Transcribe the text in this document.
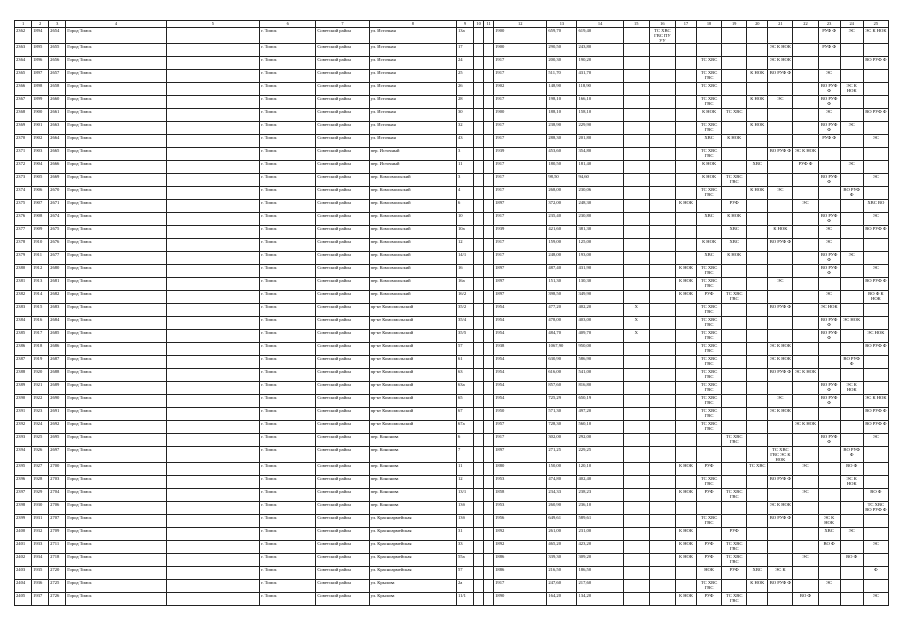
1	2	3	4	5	6	7	8	9	10	11	12	13	14	15	16	17	18	19	20	21	22	23	24	25
2362	1894	2654	Город Томск		г. Томск	Советский район	ул. Источная	13а			1900	659,70	619,40		ТС ХВС ГВС ПУ УУ							РУФ Ф	ЭС	ЭС К НОК
2363	1895	2655	Город Томск		г. Томск	Советский район	ул. Источная	17			1900	290,50	243,80							ЭС К НОК		РУФ Ф		
2364	1896	2656	Город Томск		г. Томск	Советский район	ул. Источная	24			1917	200,30	190,20				ТС ХВС			ЭС К НОК				ВО РУФ Ф
2365	1897	2657	Город Томск		г. Томск	Советский район	ул. Источная	25			1917	511,70	431,70				ТС ХВС ГВС		К НОК	ВО РУФ Ф		ЭС		
2366	1898	2658	Город Томск		г. Томск	Советский район	ул. Источная	26			1902	148,90	118,90				ТС ХВС					ВО РУФ Ф	ЭС К НОК	
2367	1899	2660	Город Томск		г. Томск	Советский район	ул. Источная	28			1917	198,10	166,10				ТС ХВС ГВС		К НОК	ЭС		ВО РУФ Ф		
2368	1900	2661	Город Томск		г. Томск	Советский район	ул. Источная	30			1900	188,10	158,10				К НОК	ТС ХВС				ЭС		ВО РУФ Ф
2369	1901	2663	Город Томск		г. Томск	Советский район	ул. Источная	32			1917	238,90	229,90				ТС ХВС ГВС		К НОК			ВО РУФ Ф	ЭС	
2370	1902	2664	Город Томск		г. Томск	Советский район	ул. Источная	43			1917	288,30	201,80				ХВС	К НОК				РУФ Ф		ЭС
2371	1903	2665	Город Томск		г. Томск	Советский район	пер. Источный	3			1939	453,60	354,80				ТС ХВС ГВС			ВО РУФ Ф	ЭС К НОК			
2372	1904	2666	Город Томск		г. Томск	Советский район	пер. Источный	11			1917	180,50	181,40				К НОК		ХВС		РУФ Ф		ЭС	
2373	1905	2669	Город Томск		г. Томск	Советский район	пер. Комсомольский	3			1917	98,50	94,60				К НОК	ТС ХВС ГВС				ВО РУФ Ф		ЭС
2374	1906	2670	Город Томск		г. Томск	Советский район	пер. Комсомольский	4			1917	268,00	230,06				ТС ХВС ГВС		К НОК	ЭС			ВО РУФ Ф	
2375	1907	2671	Город Томск		г. Томск	Советский район	пер. Комсомольский	6			1897	372,00	248,30			К НОК		РУФ			ЭС			ХВС ВО
2376	1908	2674	Город Томск		г. Томск	Советский район	пер. Комсомольский	10			1917	235,40	230,80				ХВС	К НОК				ВО РУФ Ф		ЭС
2377	1909	2675	Город Томск		г. Томск	Советский район	пер. Комсомольский	10а			1939	421,60	381,30					ХВС		К НОК		ЭС		ВО РУФ Ф
2378	1910	2676	Город Томск		г. Томск	Советский район	пер. Комсомольский	12			1917	159,00	125,00				К НОК	ХВС		ВО РУФ Ф		ЭС		
2379	1911	2677	Город Томск		г. Томск	Советский район	пер. Комсомольский	14/1			1917	248,00	193,00				ХВС	К НОК				ВО РУФ Ф	ЭС	
2380	1912	2680	Город Томск		г. Томск	Советский район	пер. Комсомольский	16			1897	487,40	431,90			К НОК	ТС ХВС ГВС					ВО РУФ Ф		ЭС
2381	1913	2681	Город Томск		г. Томск	Советский район	пер. Комсомольский	16а			1897	151,30	130,30			К НОК	ТС ХВС ГВС			ЭС				ВО РУФ Ф
2382	1914	2682	Город Томск		г. Томск	Советский район	пер. Комсомольский	16/2			1897	398,50	349,90			К НОК	РУФ	ТС ХВС ГВС				ЭС		ВО Ф К НОК
2383	1915	2683	Город Томск		г. Томск	Советский район	пр-кт Комсомольский	35/2			1954	477,20	402,20	X			ТС ХВС ГВС			ВО РУФ Ф		ЭС НОК		
2384	1916	2684	Город Томск		г. Томск	Советский район	пр-кт Комсомольский	35/4			1954	478,00	403,00	X			ТС ХВС ГВС					ВО РУФ Ф	ЭС НОК	
2385	1917	2685	Город Томск		г. Томск	Советский район	пр-кт Комсомольский	35/5			1954	484,70	409,70	X			ТС ХВС ГВС					ВО РУФ Ф		ЭС НОК
2386	1918	2686	Город Томск		г. Томск	Советский район	пр-кт Комсомольский	57			1938	1067,90	950,00				ТС ХВС ГВС			ЭС К НОК				ВО РУФ Ф
2387	1919	2687	Город Томск		г. Томск	Советский район	пр-кт Комсомольский	61			1954	630,90	586,90				ТС ХВС ГВС			ЭС К НОК			ВО РУФ Ф	
2388	1920	2688	Город Томск		г. Томск	Советский район	пр-кт Комсомольский	63			1954	616,00	541,00				ТС ХВС ГВС			ВО РУФ Ф	ЭС К НОК			
2389	1921	2689	Город Томск		г. Томск	Советский район	пр-кт Комсомольский	63а			1954	857,60	816,80				ТС ХВС ГВС					ВО РУФ Ф	ЭС К НОК	
2390	1922	2690	Город Томск		г. Томск	Советский район	пр-кт Комсомольский	65			1954	725,29	650,19				ТС ХВС ГВС			ЭС		ВО РУФ Ф		ЭС К НОК
2391	1923	2691	Город Томск		г. Томск	Советский район	пр-кт Комсомольский	67			1950	571,30	497,20				ТС ХВС ГВС			ЭС К НОК				ВО РУФ Ф
2392	1924	2692	Город Томск		г. Томск	Советский район	пр-кт Комсомольский	67а			1957	728,30	560,10				ТС ХВС ГВС				ЭС К НОК			ВО РУФ Ф
2393	1925	2695	Город Томск		г. Томск	Советский район	пер. Кононова	6			1917	302,00	292,00					ТС ХВС ГВС				ВО РУФ Ф		ЭС
2394	1926	2697	Город Томск		г. Томск	Советский район	пер. Кононова	7			1897	271,25	229,25							ТС ХВС ГВС ЭС К НОК			ВО РУФ Ф	
2395	1927	2700	Город Томск		г. Томск	Советский район	пер. Кононова	11			1880	150,00	120,10			К НОК	РУФ		ТС ХВС		ЭС		ВО Ф	
2396	1928	2703	Город Томск		г. Томск	Советский район	пер. Кононова	12			1953	474,80	402,40				ТС ХВС ГВС			ВО РУФ Ф			ЭС К НОК	
2397	1929	2704	Город Томск		г. Томск	Советский район	пер. Кононова	13/1			1858	234,33	238,23			К НОК	РУФ	ТС ХВС ГВС			ЭС			ВО Ф
2398	1930	2706	Город Томск		г. Томск	Советский район	пер. Кононова	13б			1953	260,90	236,10							ЭС К НОК				ТС ХВС ВО РУФ Ф
2399	1931	2707	Город Томск		г. Томск	Советский район	ул. Красноармейская	13б			1956	649,61	589,61				ТС ХВС ГВС			ВО РУФ Ф		ЭС К НОК		
2400	1932	2709	Город Томск		г. Томск	Советский район	ул. Красноармейская	31			1892	261,00	231,00			К НОК		РУФ				ХВС	ЭС	
2401	1933	2711	Город Томск		г. Томск	Советский район	ул. Красноармейская	33			1892	465,20	423,20			К НОК	РУФ	ТС ХВС ГВС				ВО Ф		ЭС
2402	1934	2718	Город Томск		г. Томск	Советский район	ул. Красноармейская	55а			1886	339,30	309,20			К НОК	РУФ	ТС ХВС ГВС			ЭС		ВО Ф	
2403	1935	2720	Город Томск		г. Томск	Советский район	ул. Красноармейская	57			1886	216,50	186,50				НОК	РУФ	ХВС	ЭС К				Ф
2404	1936	2725	Город Томск		г. Томск	Советский район	ул. Крылова	2а			1917	247,60	217,60				ТС ХВС ГВС		К НОК	ВО РУФ Ф		ЭС		
2405	1937	2726	Город Томск		г. Томск	Советский район	ул. Крылова	11/1			1890	164,20	134,20			К НОК	РУФ	ТС ХВС ГВС			ВО Ф			ЭС
